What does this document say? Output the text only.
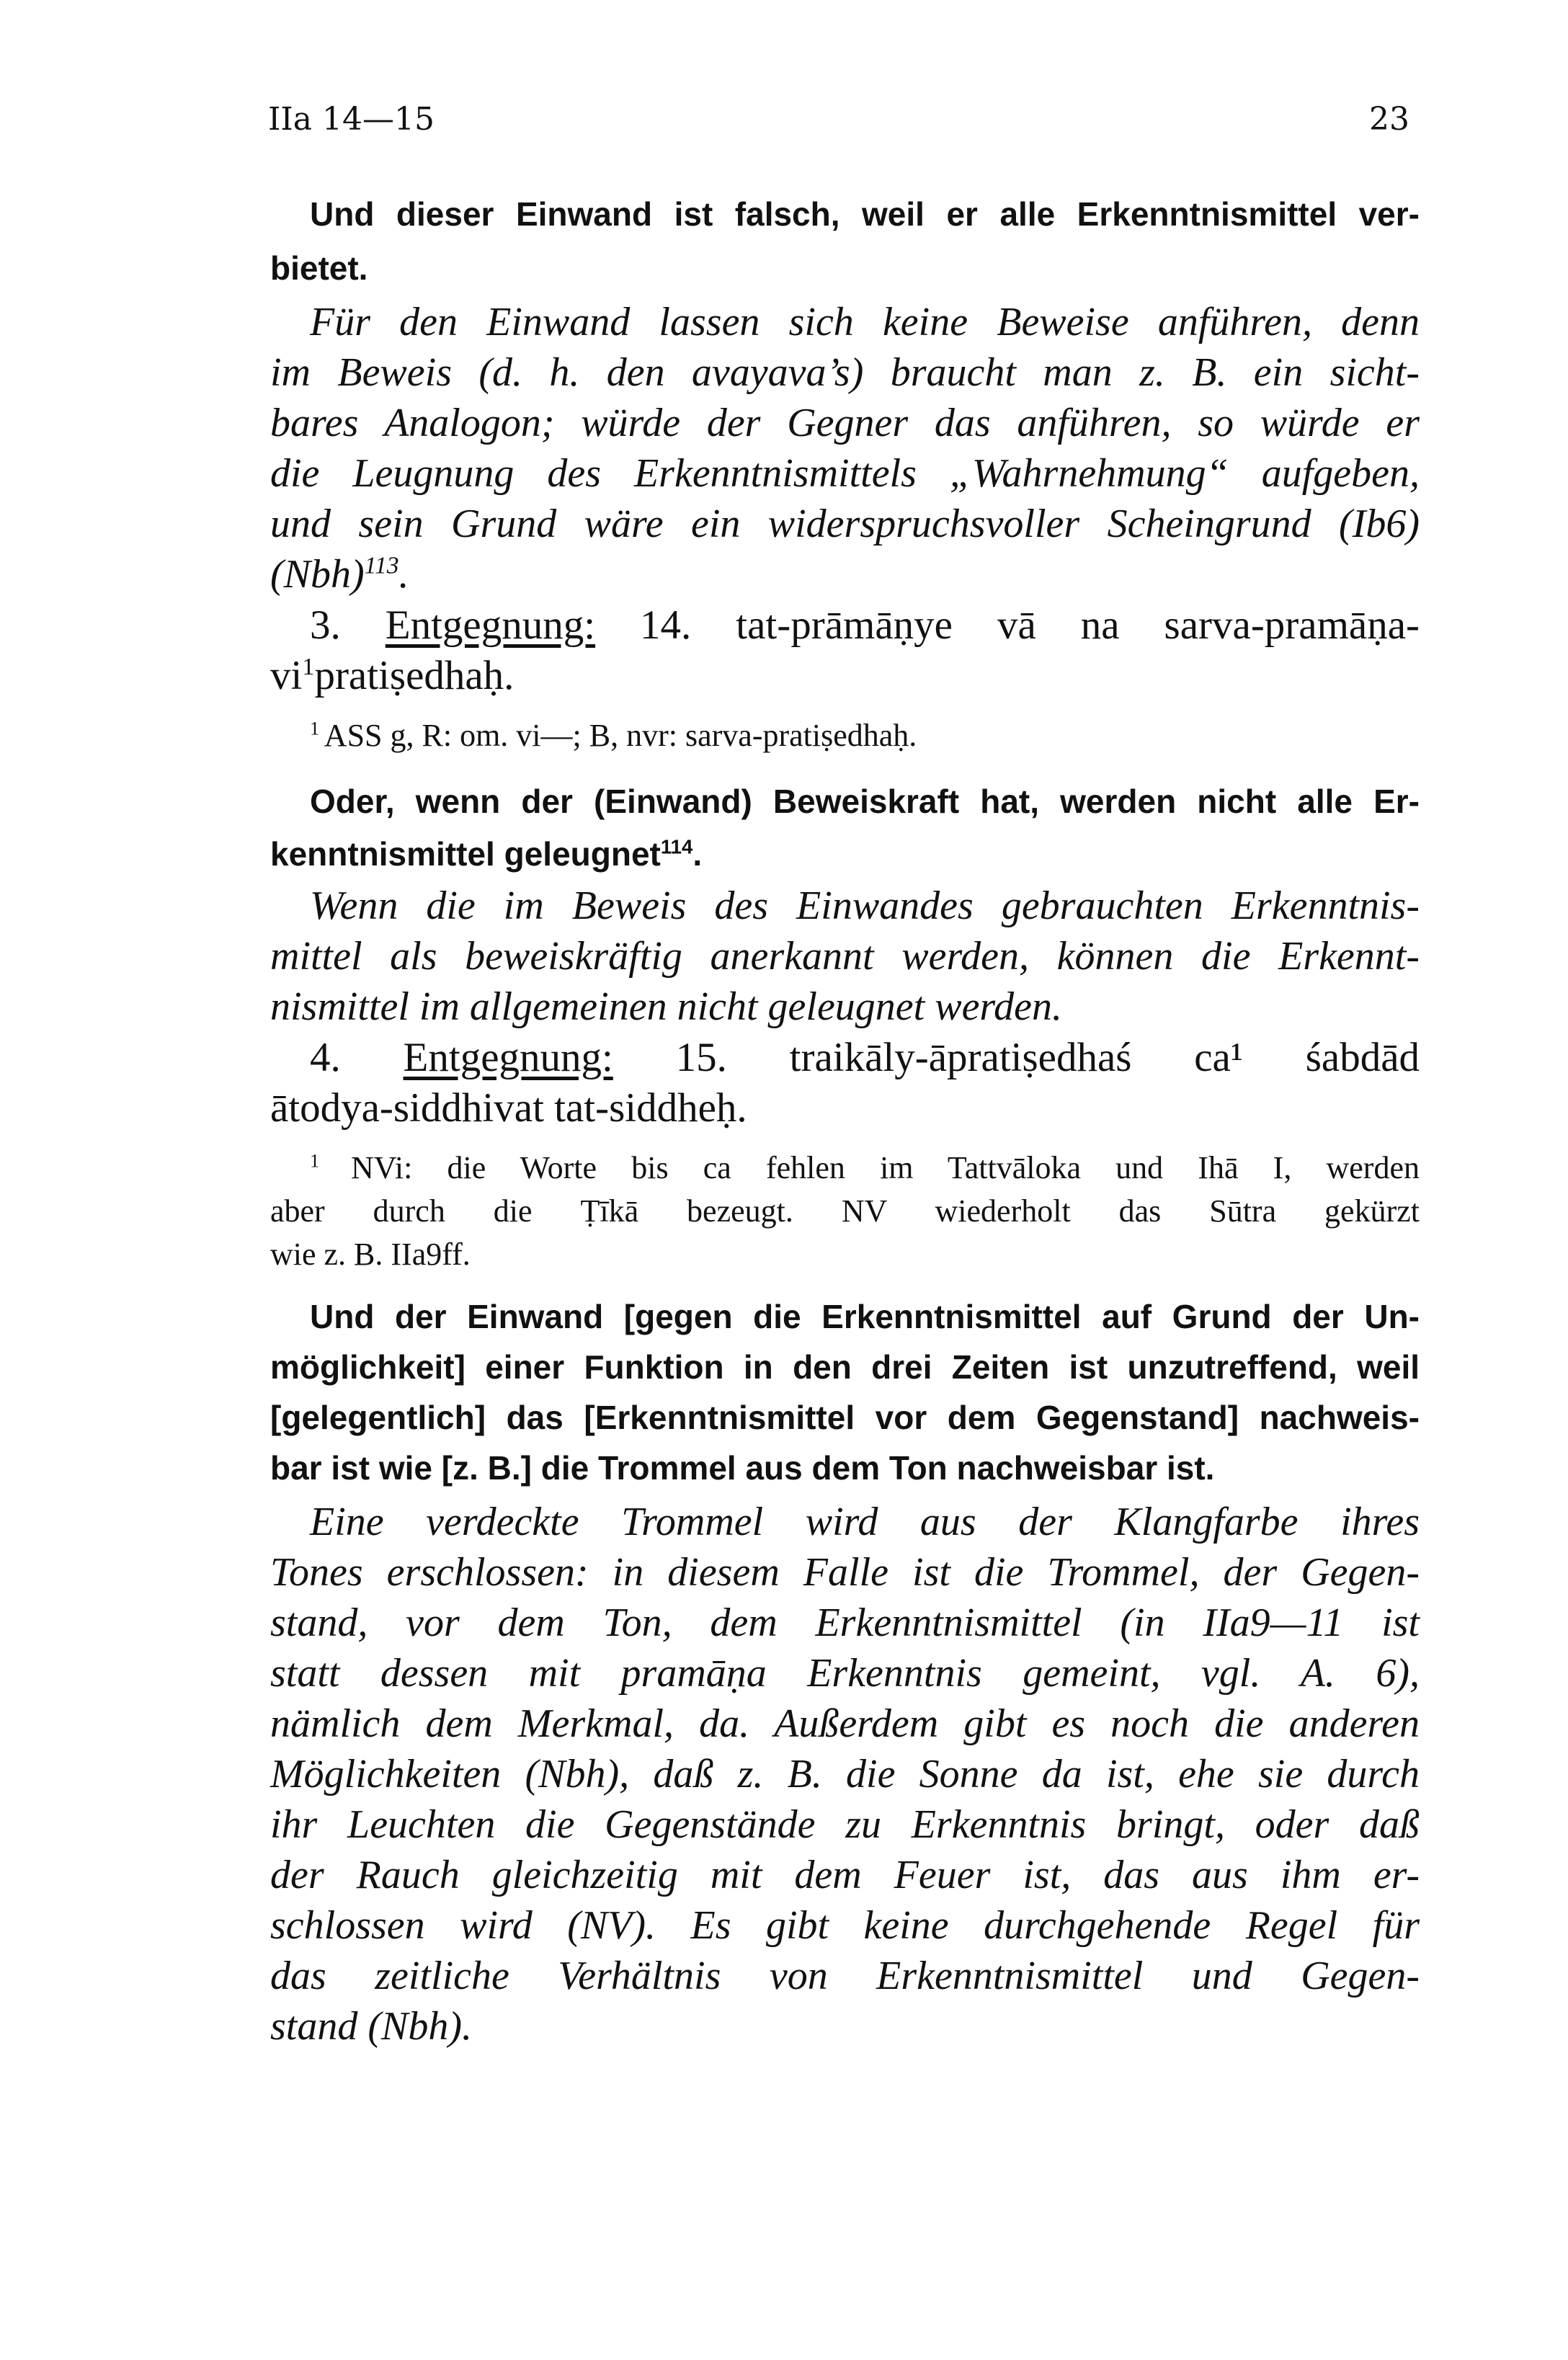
IIa 14—15	23
Und dieser Einwand ist falsch, weil er alle Erkenntnismittel ver-
bietet.
Für den Einwand lassen sich keine Beweise anführen, denn
im Beweis (d. h. den avayava’s) braucht man z. B. ein sicht-
bares Analogon; würde der Gegner das anführen, so würde er
die Leugnung des Erkenntnismittels „Wahrnehmung“ aufgeben,
und sein Grund wäre ein widerspruchsvoller Scheingrund (Ib6)
(Nbh)$^{113}$.
3. Entgegnung: 14. tat-prāmāṇye vā na sarva-pramāṇa-
$vi^1pratiṣedhaḥ$.
$^1$ ASS g, R: om. vi—; B, nvr: sarva-pratiṣedhaḥ.
Oder, wenn der (Einwand) Beweiskraft hat, werden nicht alle Er-
kenntnismittel geleugnet$^{114}$.
Wenn die im Beweis des Einwandes gebrauchten Erkenntnis-
mittel als beweiskräftig anerkannt werden, können die Erkennt-
nismittel im allgemeinen nicht geleugnet werden.
4. Entgegnung: 15. traikāly-āpratiṣedhaś ca¹ śabdād
ātodya-siddhivat tat-siddheḥ.
$^1$ NVi: die Worte bis ca fehlen im Tattvāloka und Ihā I, werden
aber durch die Ṭīkā bezeugt. NV wiederholt das Sūtra gekürzt
wie z. B. IIa9ff.
Und der Einwand [gegen die Erkenntnismittel auf Grund der Un-
möglichkeit] einer Funktion in den drei Zeiten ist unzutreffend, weil
[gelegentlich] das [Erkenntnismittel vor dem Gegenstand] nachweis-
bar ist wie [z. B.] die Trommel aus dem Ton nachweisbar ist.
Eine verdeckte Trommel wird aus der Klangfarbe ihres
Tones erschlossen: in diesem Falle ist die Trommel, der Gegen-
stand, vor dem Ton, dem Erkenntnismittel (in IIa9—11 ist
statt dessen mit pramāṇa Erkenntnis gemeint, vgl. A. 6),
nämlich dem Merkmal, da. Außerdem gibt es noch die anderen
Möglichkeiten (Nbh), daß z. B. die Sonne da ist, ehe sie durch
ihr Leuchten die Gegenstände zu Erkenntnis bringt, oder daß
der Rauch gleichzeitig mit dem Feuer ist, das aus ihm er-
schlossen wird (NV). Es gibt keine durchgehende Regel für
das zeitliche Verhältnis von Erkenntnismittel und Gegen-
stand (Nbh).
